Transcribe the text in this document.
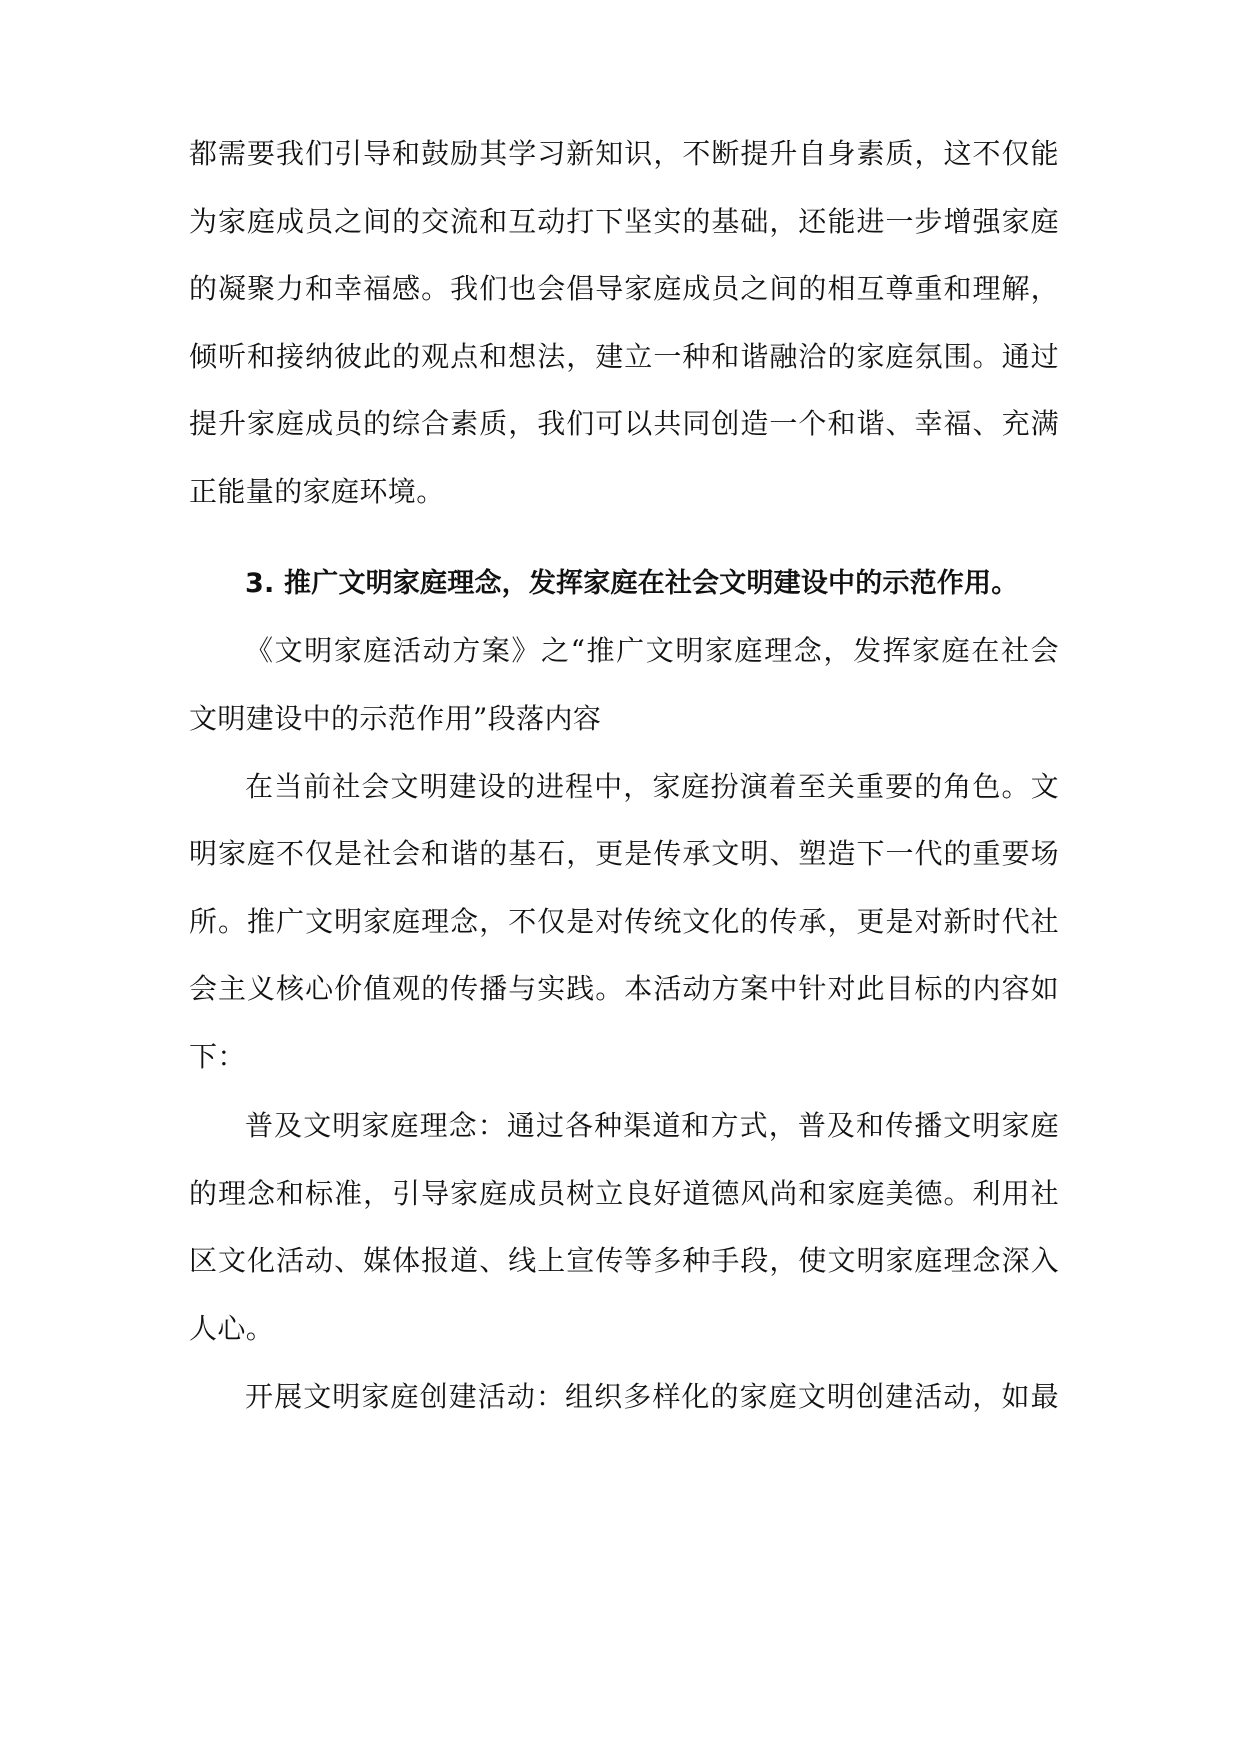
都需要我们引导和鼓励其学习新知识，不断提升自身素质，这不仅能
为家庭成员之间的交流和互动打下坚实的基础，还能进一步增强家庭
的凝聚力和幸福感。我们也会倡导家庭成员之间的相互尊重和理解，
倾听和接纳彼此的观点和想法，建立一种和谐融洽的家庭氛围。通过
提升家庭成员的综合素质，我们可以共同创造一个和谐、幸福、充满
正能量的家庭环境。
3. 推广文明家庭理念，发挥家庭在社会文明建设中的示范作用。
《文明家庭活动方案》之“推广文明家庭理念，发挥家庭在社会
文明建设中的示范作用”段落内容
在当前社会文明建设的进程中，家庭扮演着至关重要的角色。文
明家庭不仅是社会和谐的基石，更是传承文明、塑造下一代的重要场
所。推广文明家庭理念，不仅是对传统文化的传承，更是对新时代社
会主义核心价值观的传播与实践。本活动方案中针对此目标的内容如
下：
普及文明家庭理念：通过各种渠道和方式，普及和传播文明家庭
的理念和标准，引导家庭成员树立良好道德风尚和家庭美德。利用社
区文化活动、媒体报道、线上宣传等多种手段，使文明家庭理念深入
人心。
开展文明家庭创建活动：组织多样化的家庭文明创建活动，如最
